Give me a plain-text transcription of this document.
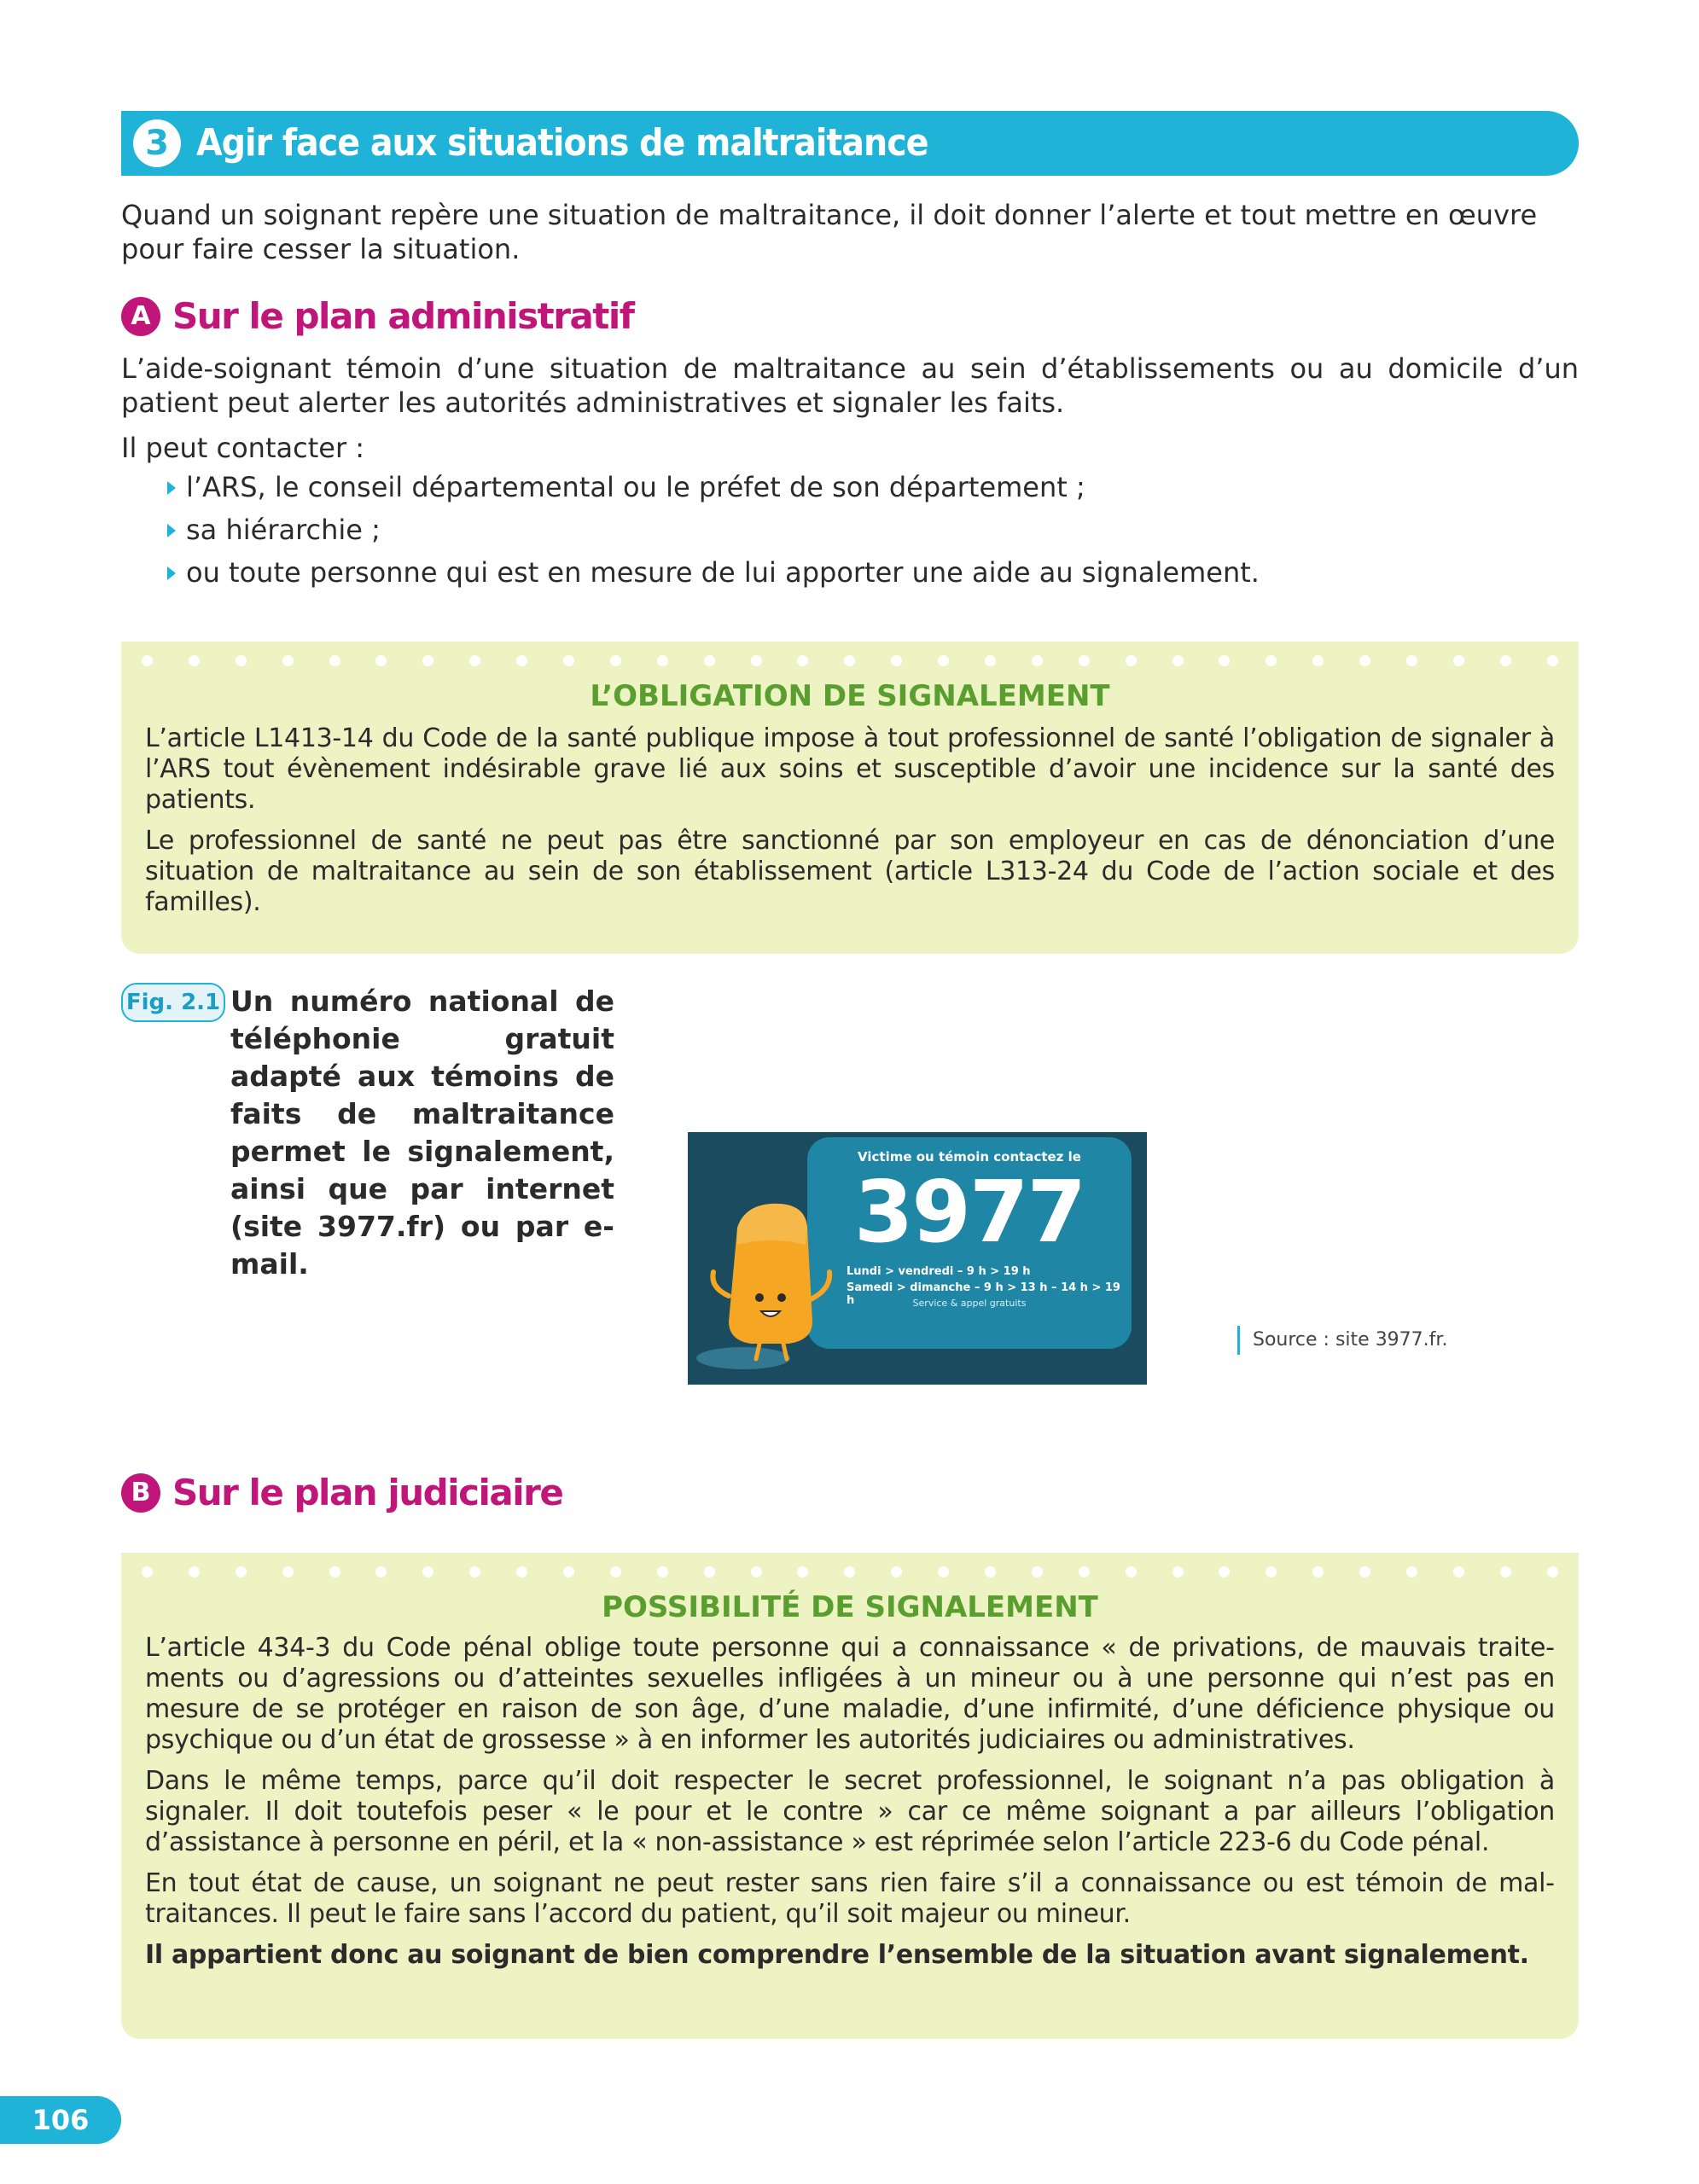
3 Agir face aux situations de maltraitance
Quand un soignant repère une situation de maltraitance, il doit donner l’alerte et tout mettre en œuvre pour faire cesser la situation.
A Sur le plan administratif
L’aide-soignant témoin d’une situation de maltraitance au sein d’établissements ou au domicile d’un patient peut alerter les autorités administratives et signaler les faits.
Il peut contacter :
l’ARS, le conseil départemental ou le préfet de son département ;
sa hiérarchie ;
ou toute personne qui est en mesure de lui apporter une aide au signalement.
L’OBLIGATION DE SIGNALEMENT

L’article L1413-14 du Code de la santé publique impose à tout professionnel de santé l’obligation de signaler à l’ARS tout évènement indésirable grave lié aux soins et susceptible d’avoir une incidence sur la santé des patients.

Le professionnel de santé ne peut pas être sanctionné par son employeur en cas de dénonciation d’une situation de maltraitance au sein de son établissement (article L313-24 du Code de l’action sociale et des familles).

Fig. 2.1 Un numéro national de téléphonie gratuit adapté aux témoins de faits de maltraitance permet le signalement, ainsi que par internet (site 3977.fr) ou par e-mail.
Victime ou témoin contactez le
3977
Lundi > vendredi – 9 h > 19 h
Samedi > dimanche – 9 h > 13 h – 14 h > 19 h	Service & appel gratuits
Source : site 3977.fr.
B Sur le plan judiciaire
POSSIBILITÉ DE SIGNALEMENT

L’article 434-3 du Code pénal oblige toute personne qui a connaissance « de privations, de mauvais traitements ou d’agressions ou d’atteintes sexuelles infligées à un mineur ou à une personne qui n’est pas en mesure de se protéger en raison de son âge, d’une maladie, d’une infirmité, d’une déficience physique ou psychique ou d’un état de grossesse » à en informer les autorités judiciaires ou administratives.

Dans le même temps, parce qu’il doit respecter le secret professionnel, le soignant n’a pas obligation à signaler. Il doit toutefois peser « le pour et le contre » car ce même soignant a par ailleurs l’obligation d’assistance à personne en péril, et la « non-assistance » est réprimée selon l’article 223-6 du Code pénal.

En tout état de cause, un soignant ne peut rester sans rien faire s’il a connaissance ou est témoin de maltraitances. Il peut le faire sans l’accord du patient, qu’il soit majeur ou mineur.

Il appartient donc au soignant de bien comprendre l’ensemble de la situation avant signalement.

106
